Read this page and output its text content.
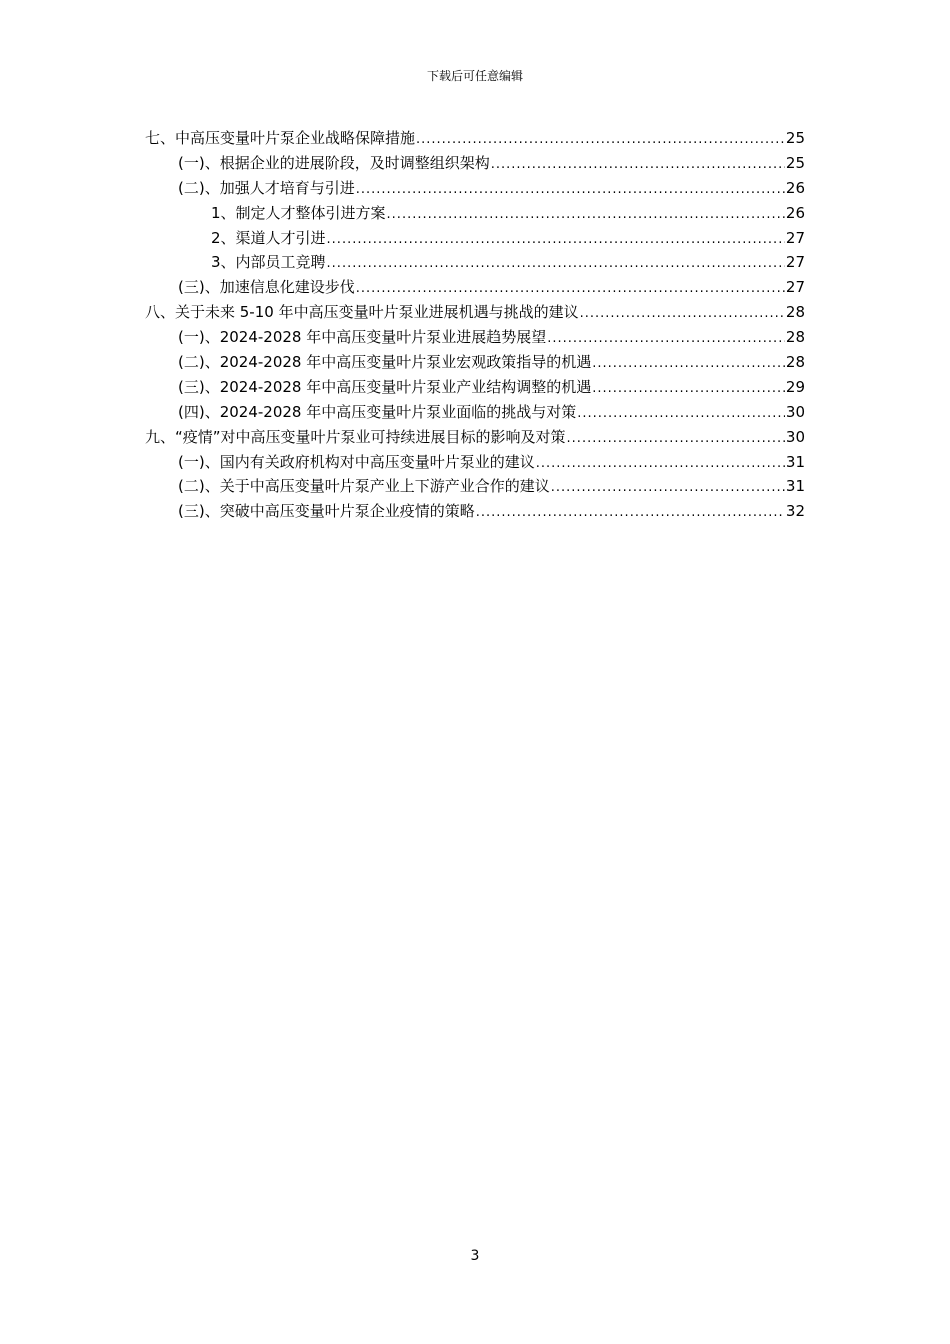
下载后可任意编辑
七、中高压变量叶片泵企业战略保障措施 .....	25
(一)、根据企业的进展阶段，及时调整组织架构 .....	25
(二)、加强人才培育与引进 .....	26
1、制定人才整体引进方案 .....	26
2、渠道人才引进 .....	27
3、内部员工竞聘 .....	27
(三)、加速信息化建设步伐 .....	27
八、关于未来 5-10 年中高压变量叶片泵业进展机遇与挑战的建议 .....	28
(一)、2024-2028 年中高压变量叶片泵业进展趋势展望 .....	28
(二)、2024-2028 年中高压变量叶片泵业宏观政策指导的机遇 .....	28
(三)、2024-2028 年中高压变量叶片泵业产业结构调整的机遇 .....	29
(四)、2024-2028 年中高压变量叶片泵业面临的挑战与对策 .....	30
九、“疫情”对中高压变量叶片泵业可持续进展目标的影响及对策 .....	30
(一)、国内有关政府机构对中高压变量叶片泵业的建议 .....	31
(二)、关于中高压变量叶片泵产业上下游产业合作的建议 .....	31
(三)、突破中高压变量叶片泵企业疫情的策略 .....	32
3
